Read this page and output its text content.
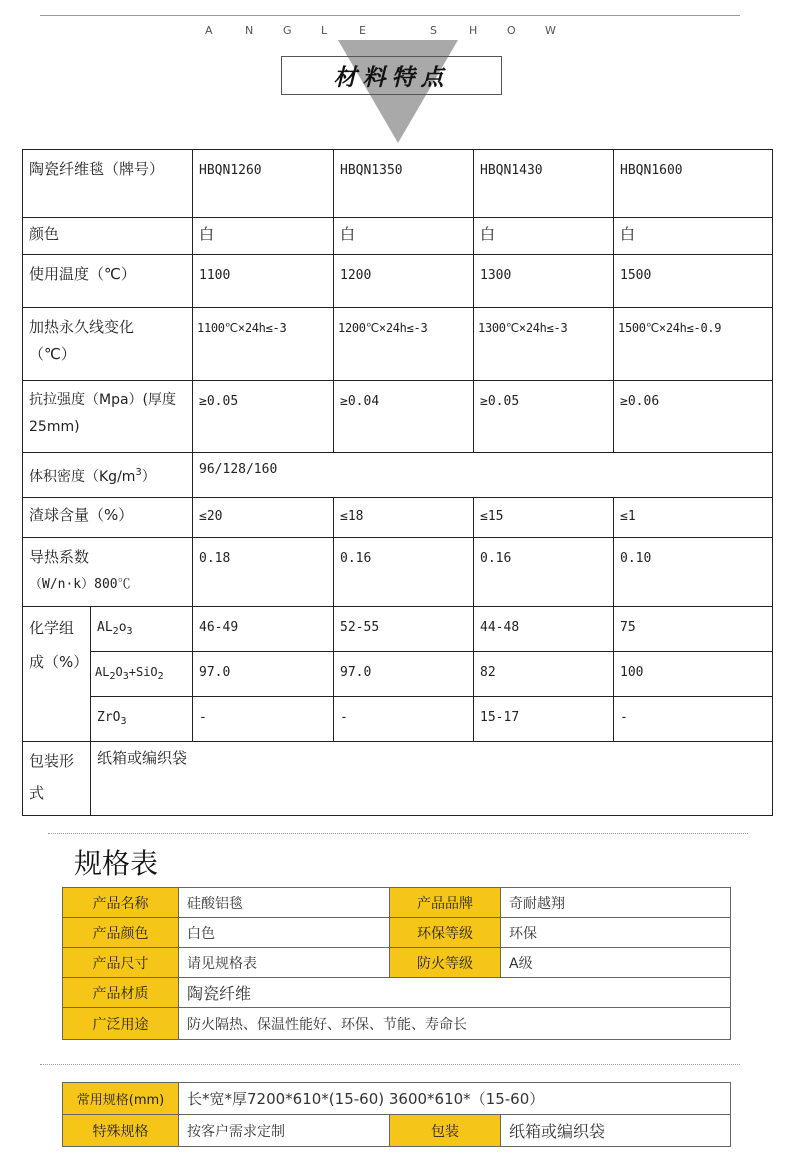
A	N	G	L	E	S	H	O	W
材料特点
陶瓷纤维毯（牌号）		HBQN1260	HBQN1350	HBQN1430	HBQN1600
颜色		白	白	白	白
使用温度（℃）		1100	1200	1300	1500
加热永久线变化（℃）		1100℃×24h≤-3	1200℃×24h≤-3	1300℃×24h≤-3	1500℃×24h≤-0.9
抗拉强度（Mpa）(厚度25mm)		≥0.05	≥0.04	≥0.05	≥0.06
体积密度$(Kg/m^3)$		96/128/160			
渣球含量（%）		≤20	≤18	≤15	≤1

导热系数
（W/n·k）800℃		0.18	0.16	0.16	0.10
化学组成（%）	$AL_2o_3$	46-49	52-55	44-48	75
	$AL_2O_3+SiO_2$	97.0	97.0	82	100
	ZrO$_3$	-	-	15-17	-
包装形式	纸箱或编织袋				
规格表
产品名称	硅酸铝毯	产品品牌	奇耐越翔
产品颜色	白色	环保等级	环保
产品尺寸	请见规格表	防火等级	A级
产品材质	陶瓷纤维		
广泛用途	防火隔热、保温性能好、环保、节能、寿命长		
常用规格(mm)	长*宽*厚7200*610*(15-60) 3600*610*（15-60）		
特殊规格	按客户需求定制	包装	纸箱或编织袋
